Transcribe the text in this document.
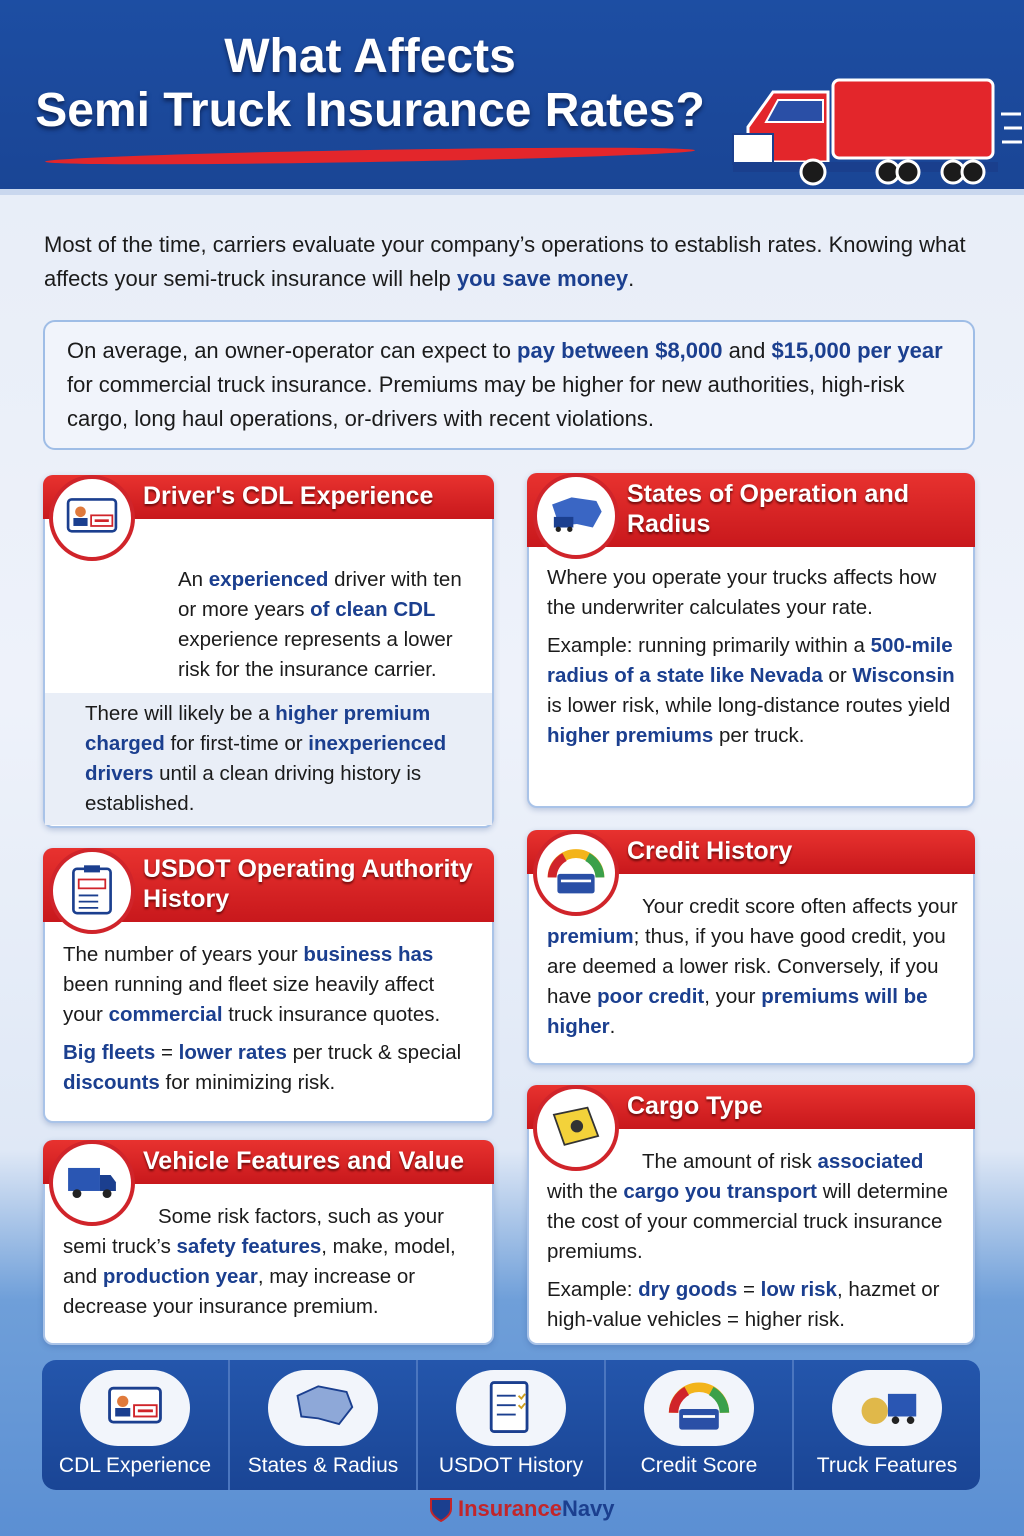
What Affects
Semi Truck Insurance Rates?
Most of the time, carriers evaluate your company’s operations to establish rates. Knowing what affects your semi-truck insurance will help you save money.
On average, an owner-operator can expect to pay between $8,000 and $15,000 per year for commercial truck insurance. Premiums may be higher for new authorities, high-risk cargo, long haul operations, or-drivers with recent violations.
Driver's CDL Experience

An experienced driver with ten or more years of clean CDL experience represents a lower risk for the insurance carrier.

There will likely be a higher premium charged for first-time or inexperienced drivers until a clean driving history is established.

States of Operation and Radius

Where you operate your trucks affects how the underwriter calculates your rate.

Example: running primarily within a 500-mile radius of a state like Nevada or Wisconsin is lower risk, while long-distance routes yield higher premiums per truck.

USDOT Operating Authority History

The number of years your business has been running and fleet size heavily affect your commercial truck insurance quotes.

Big fleets = lower rates per truck & special discounts for minimizing risk.

Credit History

Your credit score often affects your premium; thus, if you have good credit, you are deemed a lower risk. Conversely, if you have poor credit, your premiums will be higher.

Vehicle Features and Value

Some risk factors, such as your semi truck’s safety features, make, model, and production year, may increase or decrease your insurance premium.

Cargo Type

The amount of risk associated with the cargo you transport will determine the cost of your commercial truck insurance premiums.

Example: dry goods = low risk, hazmet or high-value vehicles = higher risk.

CDL Experience	States & Radius	USDOT History	Credit Score	Truck Features
Insurance Navy
